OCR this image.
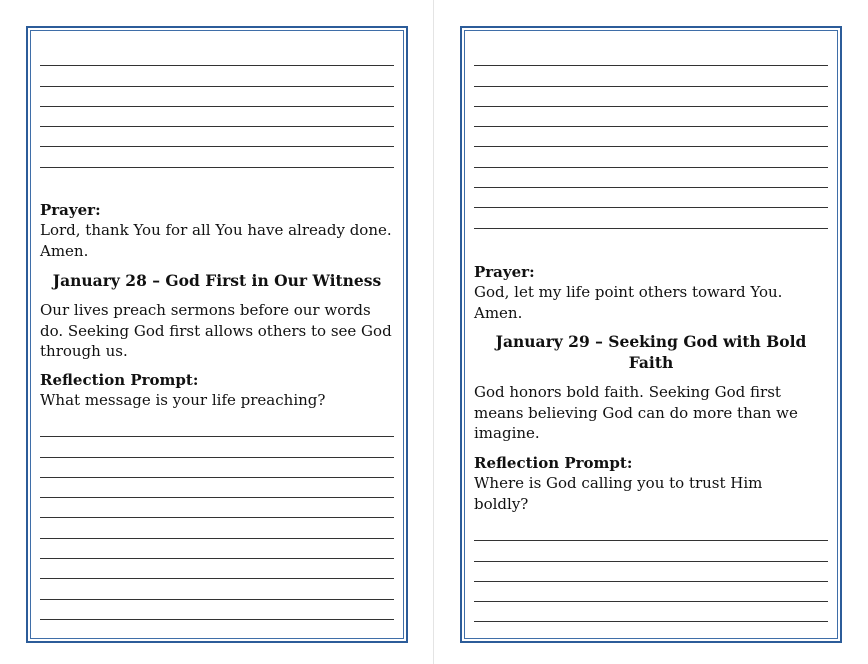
Prayer:

Lord, thank You for all You have already done. Amen.

January 28 – God First in Our Witness

Our lives preach sermons before our words do. Seeking God first allows others to see God through us.

Reflection Prompt:

What message is your life preaching?

Prayer:

God, let my life point others toward You. Amen.

January 29 – Seeking God with Bold Faith

God honors bold faith. Seeking God first means believing God can do more than we imagine.

Reflection Prompt:

Where is God calling you to trust Him boldly?
